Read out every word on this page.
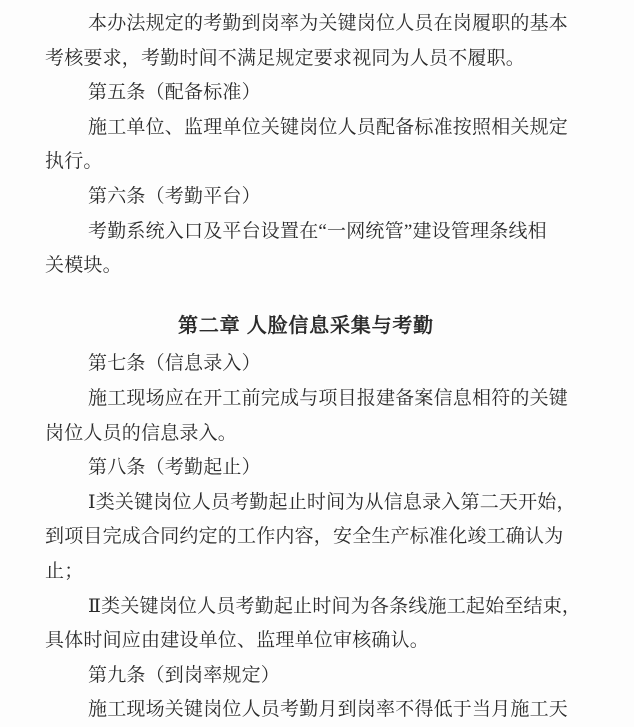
本办法规定的考勤到岗率为关键岗位人员在岗履职的基本
考核要求，考勤时间不满足规定要求视同为人员不履职。
第五条（配备标准）
施工单位、监理单位关键岗位人员配备标准按照相关规定
执行。
第六条（考勤平台）
考勤系统入口及平台设置在“一网统管”建设管理条线相
关模块。
第二章 人脸信息采集与考勤
第七条（信息录入）
施工现场应在开工前完成与项目报建备案信息相符的关键
岗位人员的信息录入。
第八条（考勤起止）
Ⅰ类关键岗位人员考勤起止时间为从信息录入第二天开始，
到项目完成合同约定的工作内容，安全生产标准化竣工确认为
止；
Ⅱ类关键岗位人员考勤起止时间为各条线施工起始至结束，
具体时间应由建设单位、监理单位审核确认。
第九条（到岗率规定）
施工现场关键岗位人员考勤月到岗率不得低于当月施工天
